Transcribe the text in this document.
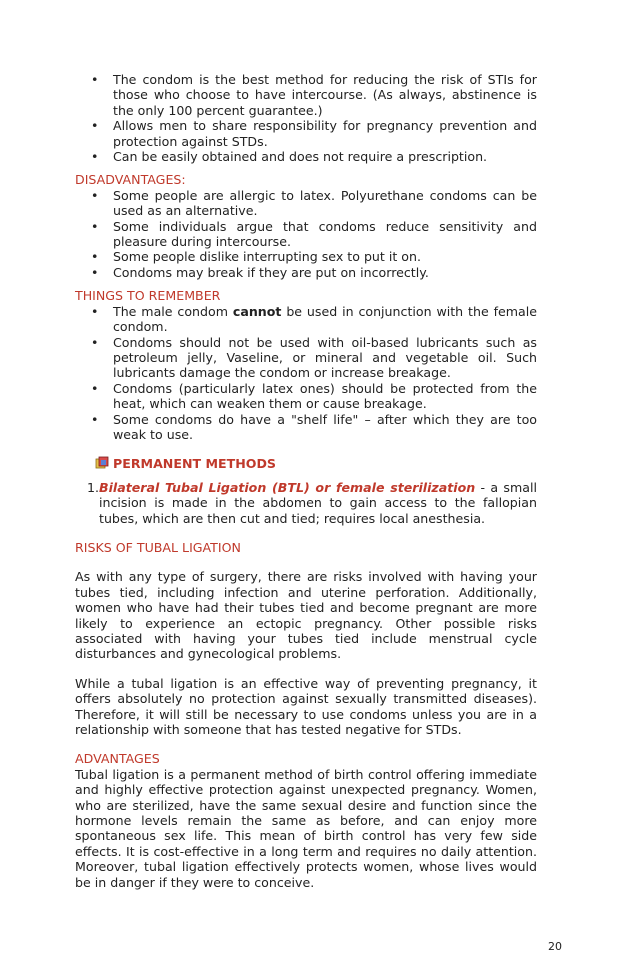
• The condom is the best method for reducing the risk of STIs for those who choose to have intercourse. (As always, abstinence is the only 100 percent guarantee.)
• Allows men to share responsibility for pregnancy prevention and protection against STDs.
• Can be easily obtained and does not require a prescription.
DISADVANTAGES:
• Some people are allergic to latex. Polyurethane condoms can be used as an alternative.
• Some individuals argue that condoms reduce sensitivity and pleasure during intercourse.
• Some people dislike interrupting sex to put it on.
• Condoms may break if they are put on incorrectly.
THINGS TO REMEMBER
• The male condom cannot be used in conjunction with the female condom.
• Condoms should not be used with oil-based lubricants such as petroleum jelly, Vaseline, or mineral and vegetable oil. Such lubricants damage the condom or increase breakage.
• Condoms (particularly latex ones) should be protected from the heat, which can weaken them or cause breakage.
• Some condoms do have a "shelf life" – after which they are too weak to use.
PERMANENT METHODS

1. Bilateral Tubal Ligation (BTL) or female sterilization - a small incision is made in the abdomen to gain access to the fallopian tubes, which are then cut and tied; requires local anesthesia.

RISKS OF TUBAL LIGATION

As with any type of surgery, there are risks involved with having your tubes tied, including infection and uterine perforation. Additionally, women who have had their tubes tied and become pregnant are more likely to experience an ectopic pregnancy. Other possible risks associated with having your tubes tied include menstrual cycle disturbances and gynecological problems.

While a tubal ligation is an effective way of preventing pregnancy, it offers absolutely no protection against sexually transmitted diseases). Therefore, it will still be necessary to use condoms unless you are in a relationship with someone that has tested negative for STDs.

ADVANTAGES

Tubal ligation is a permanent method of birth control offering immediate and highly effective protection against unexpected pregnancy. Women, who are sterilized, have the same sexual desire and function since the hormone levels remain the same as before, and can enjoy more spontaneous sex life. This mean of birth control has very few side effects. It is cost-effective in a long term and requires no daily attention. Moreover, tubal ligation effectively protects women, whose lives would be in danger if they were to conceive.

20
